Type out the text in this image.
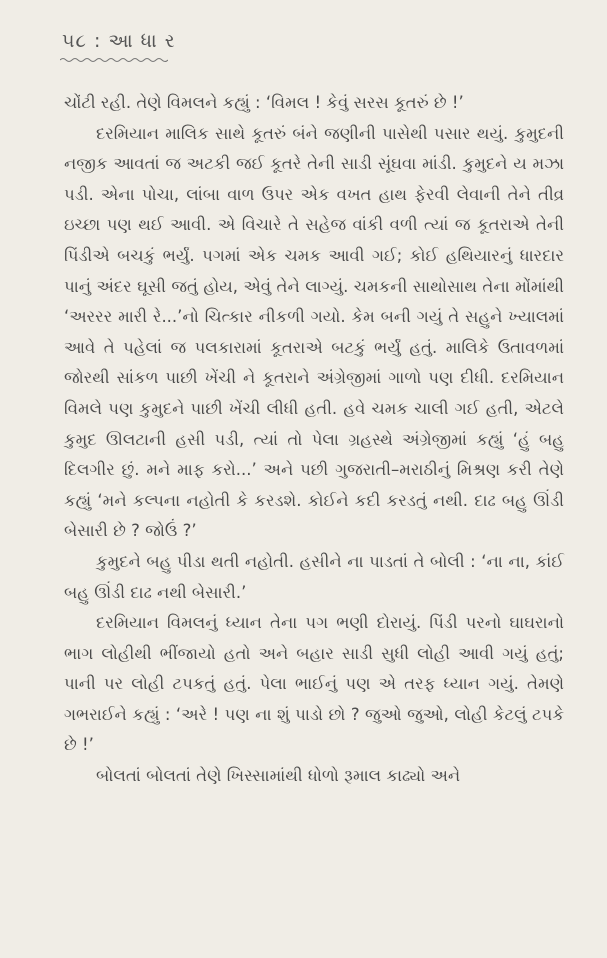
૫૮ : આ ધા ર

ચોંટી રહી. તેણે વિમલને કહ્યું : ‘વિમલ ! કેવું સરસ કૂતરું છે !’

દરમિયાન માલિક સાથે કૂતરું બંને જણીની પાસેથી પસાર થયું. કુમુદની નજીક આવતાં જ અટકી જઈ કૂતરે તેની સાડી સૂંઘવા માંડી. કુમુદને ય મઝા પડી. એના પોચા, લાંબા વાળ ઉપર એક વખત હાથ ફેરવી લેવાની તેને તીવ્ર ઇચ્છા પણ થઈ આવી. એ વિચારે તે સહેજ વાંકી વળી ત્યાં જ કૂતરાએ તેની પિંડીએ બચકું ભર્યું. પગમાં એક ચમક આવી ગઈ; કોઈ હથિયારનું ધારદાર પાનું અંદર ઘૂસી જતું હોય, એવું તેને લાગ્યું. ચમકની સાથોસાથ તેના મોંમાંથી ‘અરરર મારી રે...’નો ચિત્કાર નીકળી ગયો. કેમ બની ગયું તે સહુને ખ્યાલમાં આવે તે પહેલાં જ પલકારામાં કૂતરાએ બટકું ભર્યું હતું. માલિકે ઉતાવળમાં જોરથી સાંકળ પાછી ખેંચી ને કૂતરાને અંગ્રેજીમાં ગાળો પણ દીધી. દરમિયાન વિમલે પણ કુમુદને પાછી ખેંચી લીધી હતી. હવે ચમક ચાલી ગઈ હતી, એટલે કુમુદ ઊલટાની હસી પડી, ત્યાં તો પેલા ગ્રહસ્થે અંગ્રેજીમાં કહ્યું ‘હું બહુ દિલગીર છું. મને માફ કરો...’ અને પછી ગુજરાતી–મરાઠીનું મિશ્રણ કરી તેણે કહ્યું ‘મને કલ્પના નહોતી કે કરડશે. કોઈને કદી કરડતું નથી. દાઢ બહુ ઊંડી બેસારી છે ? જોઉં ?’

કુમુદને બહુ પીડા થતી નહોતી. હસીને ના પાડતાં તે બોલી : ‘ના ના, કાંઈ બહુ ઊંડી દાઢ નથી બેસારી.’

દરમિયાન વિમલનું ધ્યાન તેના પગ ભણી દોરાયું. પિંડી પરનો ઘાઘરાનો ભાગ લોહીથી ભીંજાયો હતો અને બહાર સાડી સુધી લોહી આવી ગયું હતું; પાની પર લોહી ટપકતું હતું. પેલા ભાઈનું પણ એ તરફ ધ્યાન ગયું. તેમણે ગભરાઈને કહ્યું : ‘અરે ! પણ ના શું પાડો છો ? જુઓ જુઓ, લોહી કેટલું ટપકે છે !’

બોલતાં બોલતાં તેણે ખિસ્સામાંથી ધોળો રૂમાલ કાઢ્યો અને
